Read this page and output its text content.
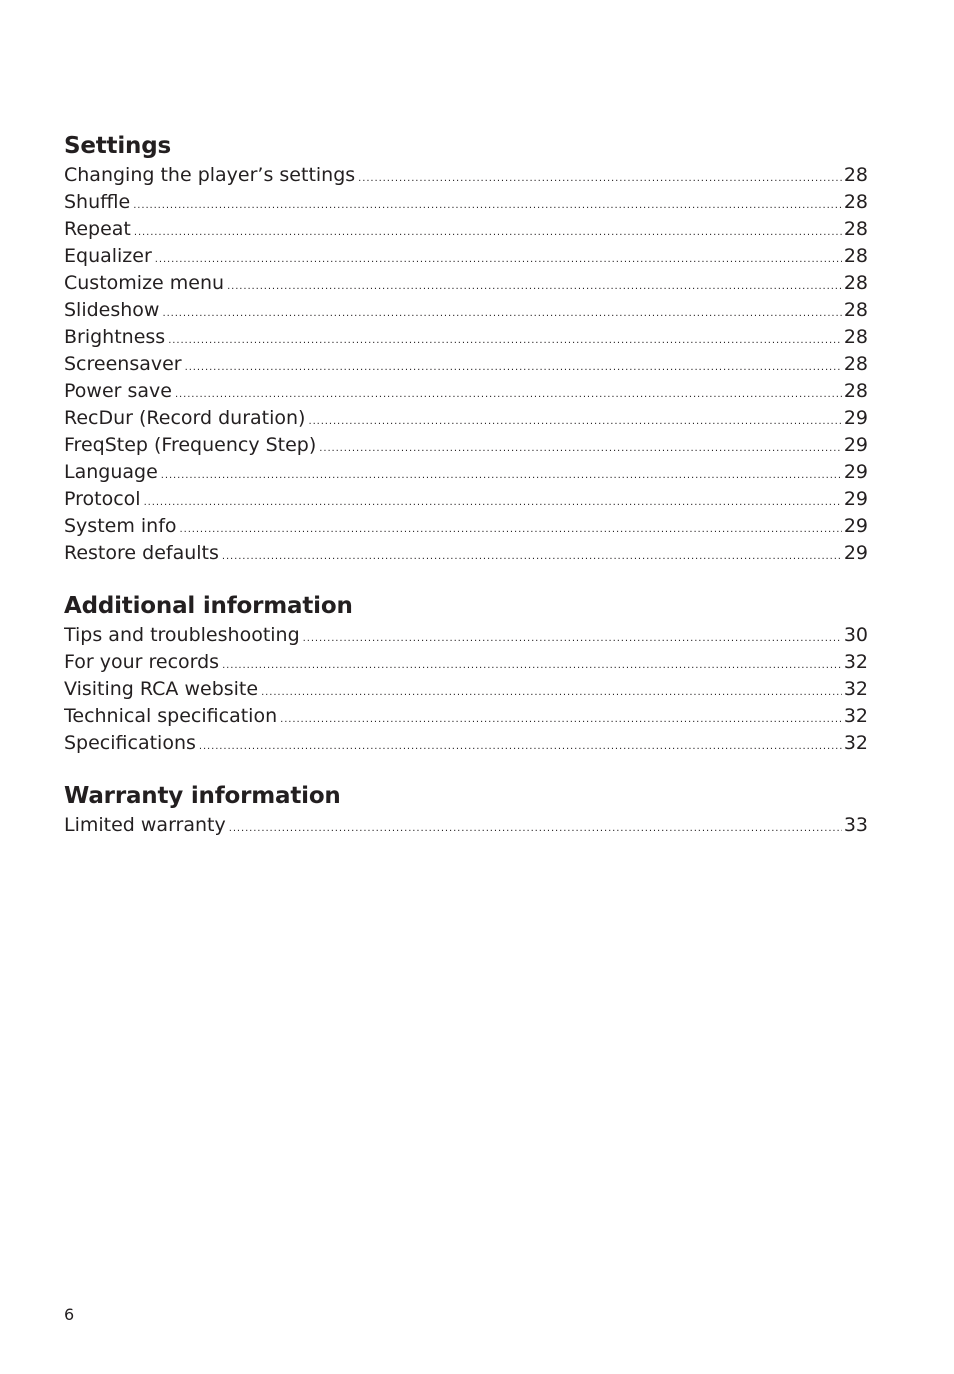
Settings
Changing the player’s settings .....	28
Shuffle .....	28
Repeat .....	28
Equalizer .....	28
Customize menu .....	28
Slideshow .....	28
Brightness .....	28
Screensaver .....	28
Power save .....	28
RecDur (Record duration) .....	29
FreqStep (Frequency Step) .....	29
Language .....	29
Protocol .....	29
System info .....	29
Restore defaults .....	29
Additional information
Tips and troubleshooting .....	30
For your records .....	32
Visiting RCA website .....	32
Technical specification .....	32
Specifications .....	32
Warranty information
Limited warranty .....	33
6
